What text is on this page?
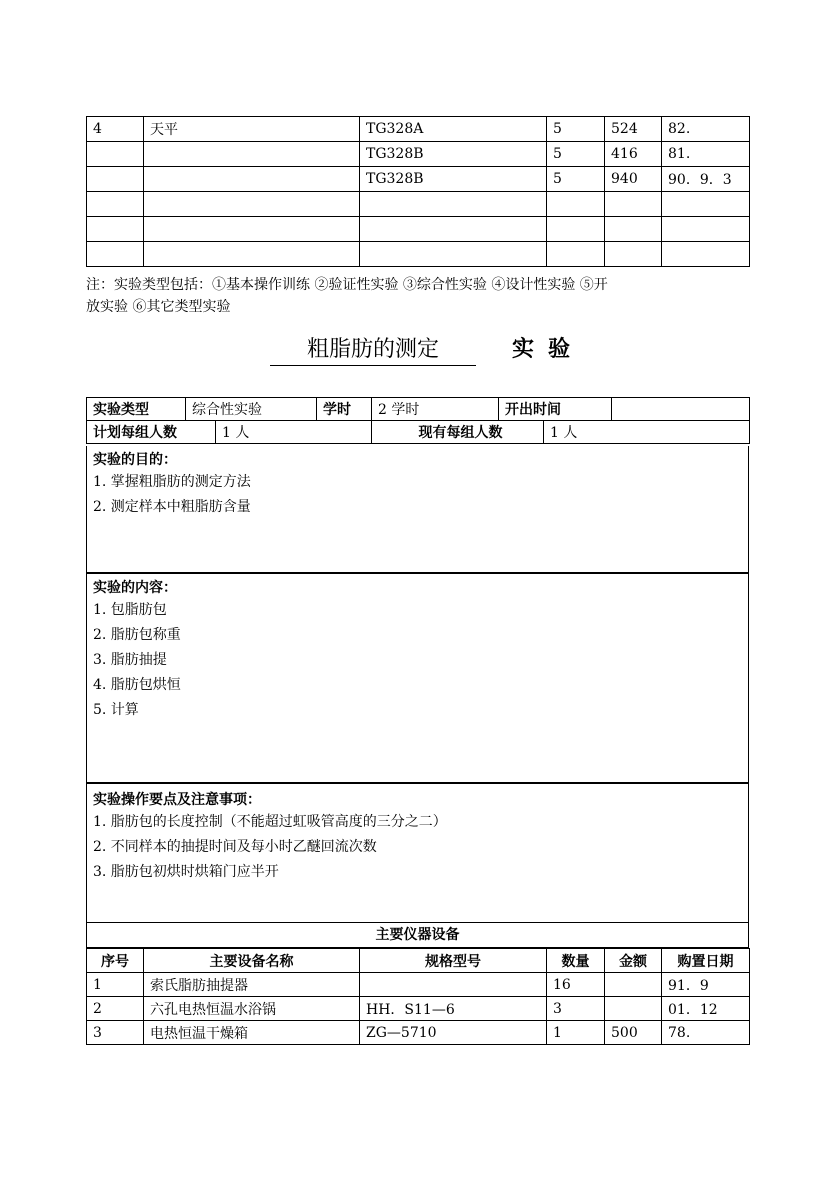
4	天平	TG328A	5	524	82.
		TG328B	5	416	81.
		TG328B	5	940	90．9．3

注：实验类型包括：①基本操作训练 ②验证性实验 ③综合性实验 ④设计性实验 ⑤开
放实验 ⑥其它类型实验
粗脂肪的测定	实验
实验类型	综合性实验		学时	2 学时	开出时间		
计划每组人数		1 人		现有每组人数		1 人	
实验的目的：
1. 掌握粗脂肪的测定方法
2. 测定样本中粗脂肪含量
实验的内容：
1. 包脂肪包
2. 脂肪包称重
3. 脂肪抽提
4. 脂肪包烘恒
5. 计算
实验操作要点及注意事项：
1. 脂肪包的长度控制（不能超过虹吸管高度的三分之二）
2. 不同样本的抽提时间及每小时乙醚回流次数
3. 脂肪包初烘时烘箱门应半开
主要仪器设备
序号	主要设备名称	规格型号	数量	金额	购置日期
1	索氏脂肪抽提器		16		91．9
2	六孔电热恒温水浴锅	HH．S11—6	3		01．12
3	电热恒温干燥箱	ZG—5710	1	500	78.
